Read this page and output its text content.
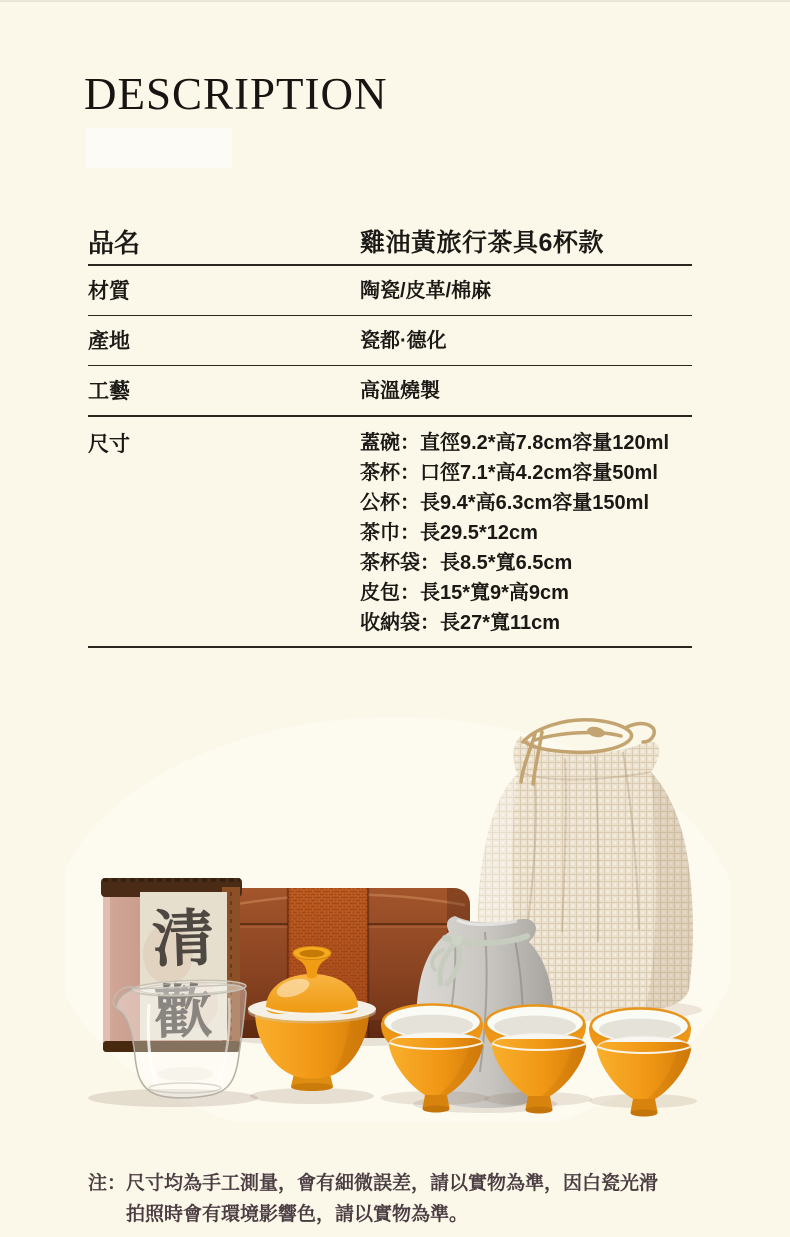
DESCRIPTION
品名	雞油黃旅行茶具6杯款
材質	陶瓷/皮革/棉麻
產地	瓷都·德化
工藝	高溫燒製
尺寸	蓋碗：直徑9.2*高7.8cm容量120ml
茶杯：口徑7.1*高4.2cm容量50ml
公杯：長9.4*高6.3cm容量150ml
茶巾：長29.5*12cm
茶杯袋：長8.5*寬6.5cm
皮包：長15*寬9*高9cm
收納袋：長27*寬11cm
清
注：尺寸均為手工測量，會有細微誤差，請以實物為準，因白瓷光滑
拍照時會有環境影響色，請以實物為準。
